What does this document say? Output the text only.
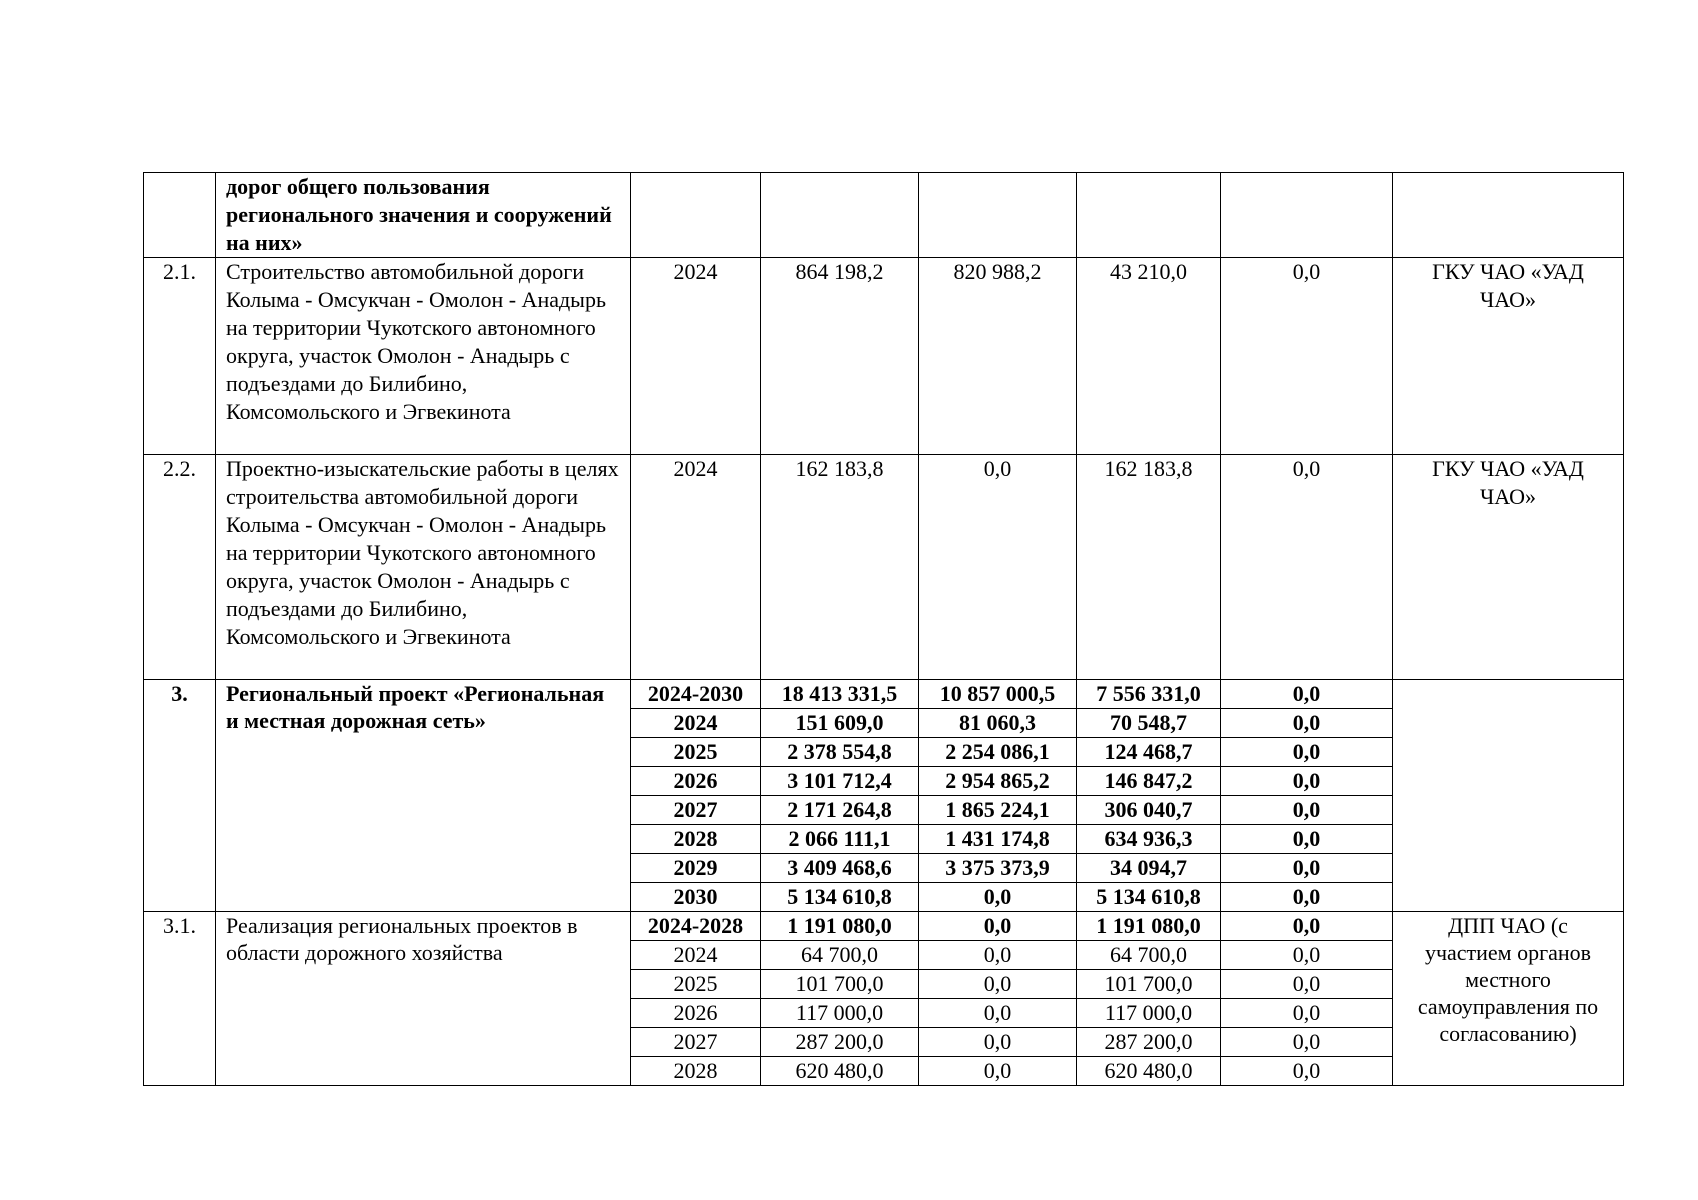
	дорог общего пользования регионального значения и сооружений на них»						
2.1.	Строительство автомобильной дороги Колыма - Омсукчан - Омолон - Анадырь на территории Чукотского автономного округа, участок Омолон - Анадырь с подъездами до Билибино, Комсомольского и Эгвекинота	2024	864 198,2	820 988,2	43 210,0	0,0	ГКУ ЧАО «УАД ЧАО»
2.2.	Проектно-изыскательские работы в целях строительства автомобильной дороги Колыма - Омсукчан - Омолон - Анадырь на территории Чукотского автономного округа, участок Омолон - Анадырь с подъездами до Билибино, Комсомольского и Эгвекинота	2024	162 183,8	0,0	162 183,8	0,0	ГКУ ЧАО «УАД ЧАО»
3.	Региональный проект «Региональная и местная дорожная сеть»	2024-2030	18 413 331,5	10 857 000,5	7 556 331,0	0,0	
		2024	151 609,0	81 060,3	70 548,7	0,0	
		2025	2 378 554,8	2 254 086,1	124 468,7	0,0	
		2026	3 101 712,4	2 954 865,2	146 847,2	0,0	
		2027	2 171 264,8	1 865 224,1	306 040,7	0,0	
		2028	2 066 111,1	1 431 174,8	634 936,3	0,0	
		2029	3 409 468,6	3 375 373,9	34 094,7	0,0	
		2030	5 134 610,8	0,0	5 134 610,8	0,0	
3.1.	Реализация региональных проектов в области дорожного хозяйства	2024-2028	1 191 080,0	0,0	1 191 080,0	0,0	ДПП ЧАО (с участием органов местного самоуправления по согласованию)
		2024	64 700,0	0,0	64 700,0	0,0	
		2025	101 700,0	0,0	101 700,0	0,0	
		2026	117 000,0	0,0	117 000,0	0,0	
		2027	287 200,0	0,0	287 200,0	0,0	
		2028	620 480,0	0,0	620 480,0	0,0	
